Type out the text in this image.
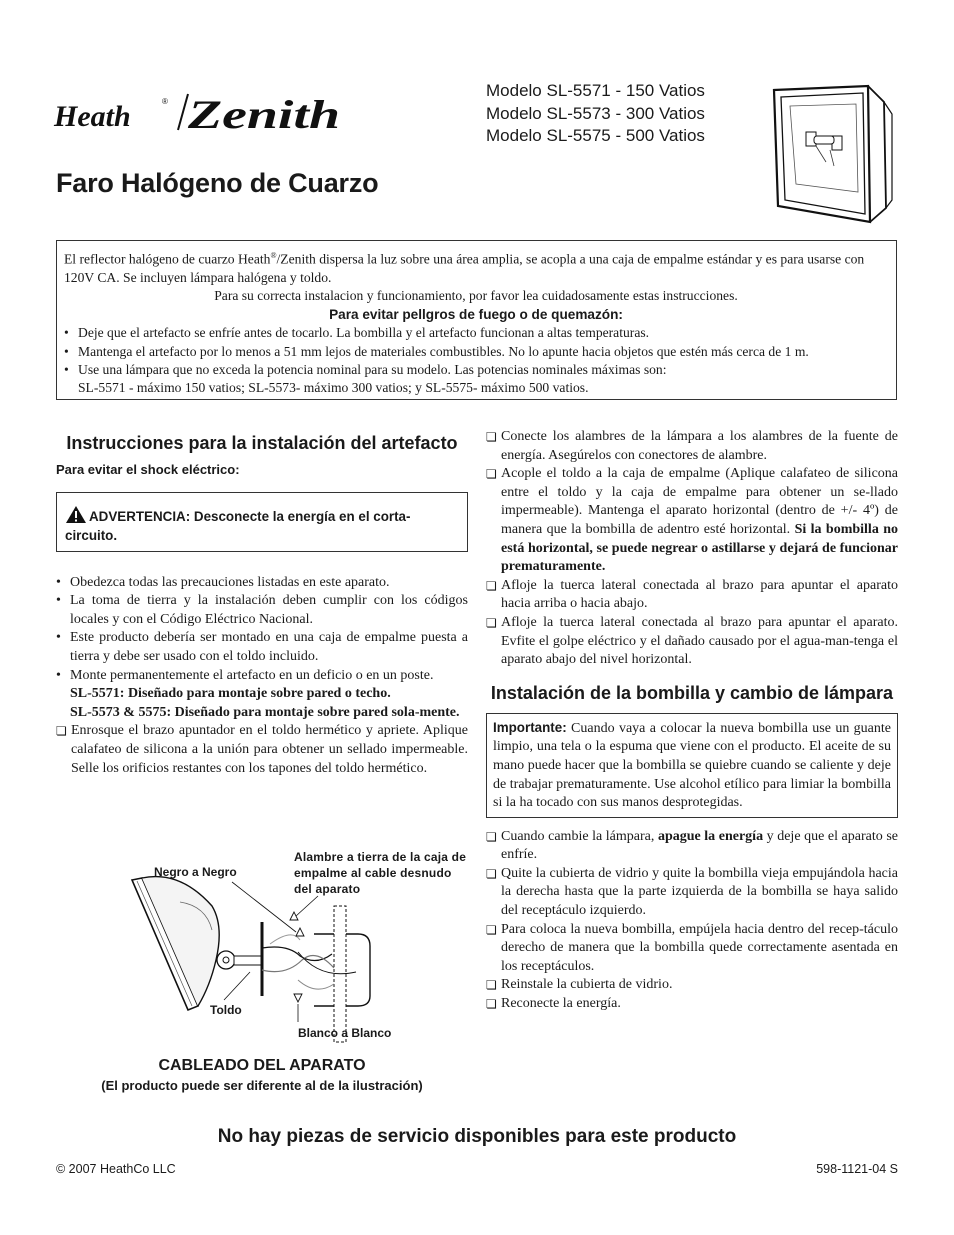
Heath	® Zenith
Modelo SL-5571 - 150 Vatios
Modelo SL-5573 - 300 Vatios
Modelo SL-5575 - 500 Vatios
Faro Halógeno de Cuarzo

El reflector halógeno de cuarzo Heath®/Zenith dispersa la luz sobre una área amplia, se acopla a una caja de empalme estándar y es para usarse con 120V CA. Se incluyen lámpara halógena y toldo.

Para su correcta instalacion y funcionamiento, por favor lea cuidadosamente estas instrucciones.

Para evitar pellgros de fuego o de quemazón:

• Deje que el artefacto se enfríe antes de tocarlo. La bombilla y el artefacto funcionan a altas temperaturas.
• Mantenga el artefacto por lo menos a 51 mm lejos de materiales combustibles. No lo apunte hacia objetos que estén más cerca de 1 m.
• Use una lámpara que no exceda la potencia nominal para su modelo. Las potencias nominales máximas son:
SL-5571 - máximo 150 vatios; SL-5573- máximo 300 vatios; y SL-5575- máximo 500 vatios.
Instrucciones para la instalación del artefacto

Para evitar el shock eléctrico:

ADVERTENCIA: Desconecte la energía en el corta-circuito.
• Obedezca todas las precauciones listadas en este aparato.
• La toma de tierra y la instalación deben cumplir con los códigos locales y con el Código Eléctrico Nacional.
• Este producto debería ser montado en una caja de empalme puesta a tierra y debe ser usado con el toldo incluido.
• Monte permanentemente el artefacto en un deficio o en un poste.
SL-5571: Diseñado para montaje sobre pared o techo.
SL-5573 & 5575: Diseñado para montaje sobre pared sola-mente.
❏ Enrosque el brazo apuntador en el toldo hermético y apriete. Aplique calafateo de silicona a la unión para obtener un sellado impermeable. Selle los orificios restantes con los tapones del toldo hermético.
Negro a Negro
Alambre a tierra de la caja de empalme al cable desnudo del aparato
Toldo
Blanco a Blanco
CABLEADO DEL APARATO
(El producto puede ser diferente al de la ilustración)
❏ Conecte los alambres de la lámpara a los alambres de la fuente de energía. Asegúrelos con conectores de alambre.
❏ Acople el toldo a la caja de empalme (Aplique calafateo de silicona entre el toldo y la caja de empalme para obtener un se-llado impermeable). Mantenga el aparato horizontal (dentro de +/- 4º) de manera que la bombilla de adentro esté horizontal. Si la bombilla no está horizontal, se puede negrear o astillarse y dejará de funcionar prematuramente.
❏ Afloje la tuerca lateral conectada al brazo para apuntar el aparato hacia arriba o hacia abajo.
❏ Afloje la tuerca lateral conectada al brazo para apuntar el aparato. Evfite el golpe eléctrico y el dañado causado por el agua-man-tenga el aparato abajo del nivel horizontal.
Instalación de la bombilla y cambio de lámpara
Importante: Cuando vaya a colocar la nueva bombilla use un guante limpio, una tela o la espuma que viene con el producto. El aceite de su mano puede hacer que la bombilla se quiebre cuando se caliente y deje de trabajar prematuramente. Use alcohol etílico para limiar la bombilla si la ha tocado con sus manos desprotegidas.
❏ Cuando cambie la lámpara, apague la energía y deje que el aparato se enfríe.
❏ Quite la cubierta de vidrio y quite la bombilla vieja empujándola hacia la derecha hasta que la parte izquierda de la bombilla se haya salido del receptáculo izquierdo.
❏ Para coloca la nueva bombilla, empújela hacia dentro del recep-táculo derecho de manera que la bombilla quede correctamente asentada en los receptáculos.
❏ Reinstale la cubierta de vidrio.
❏ Reconecte la energía.
No hay piezas de servicio disponibles para este producto
© 2007 HeathCo LLC	598-1121-04 S
